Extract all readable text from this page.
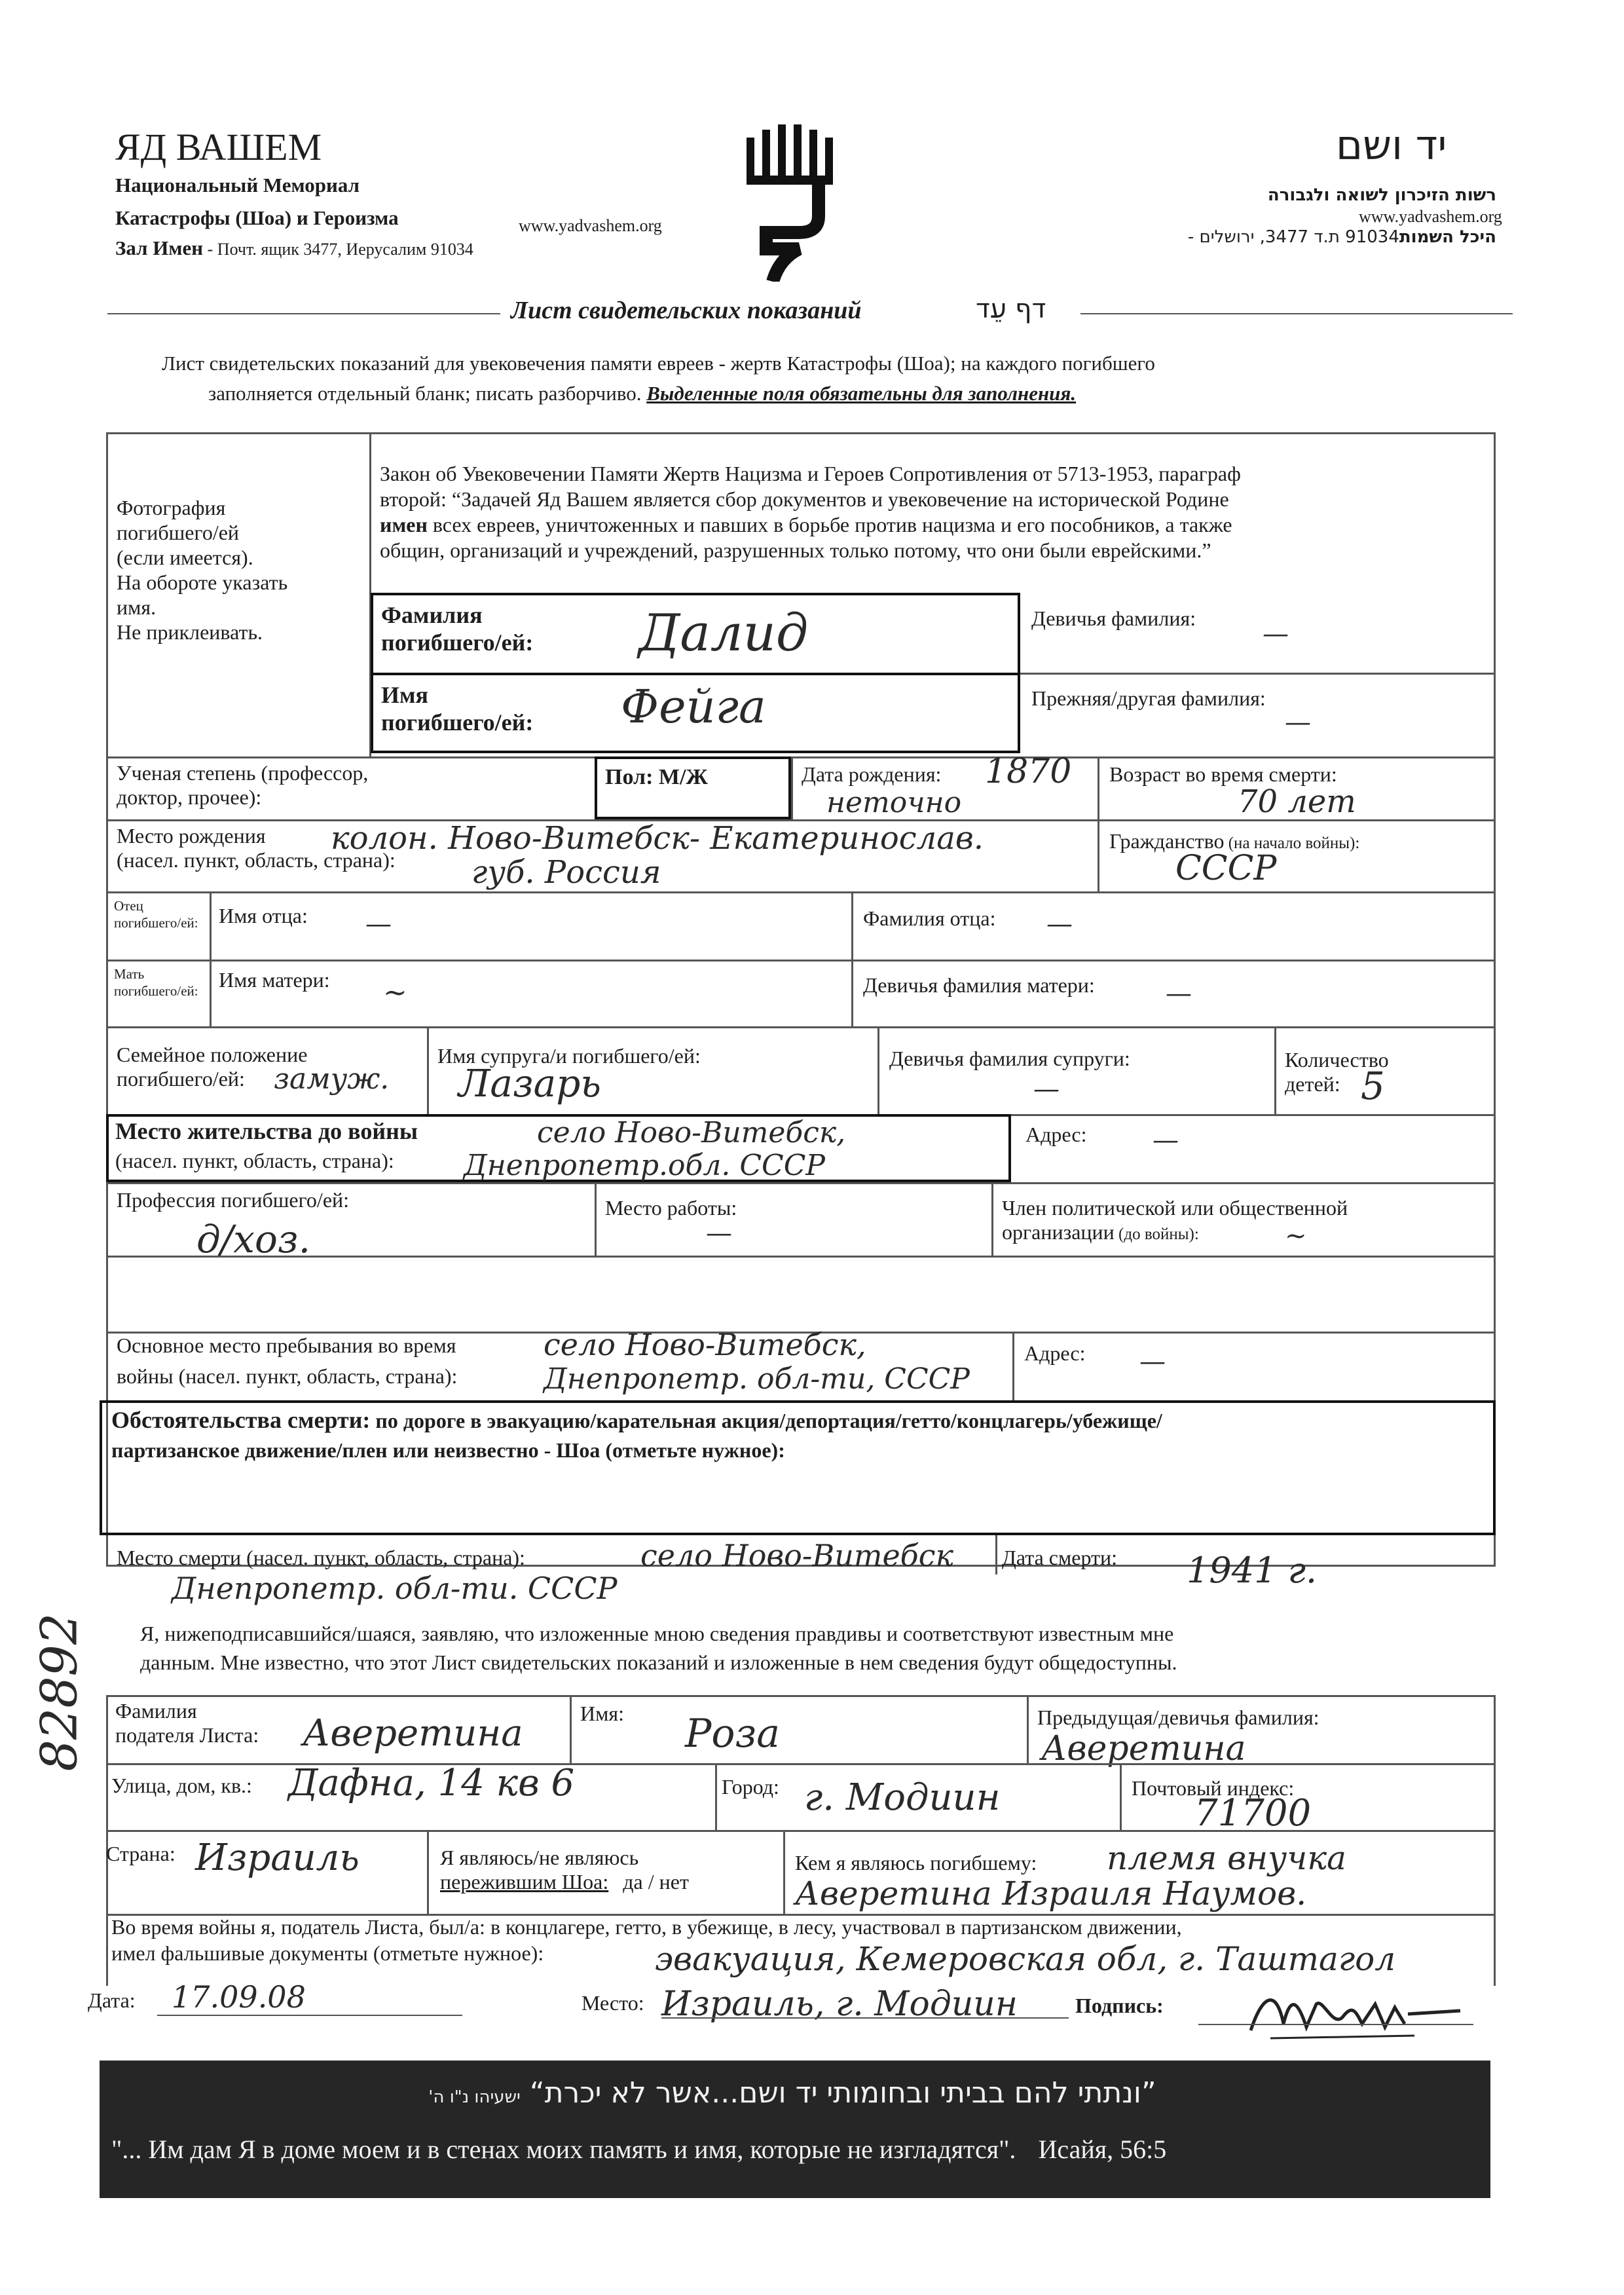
ЯД ВАШЕМ
Национальный Мемориал
Катастрофы (Шоа) и Героизма	www.yadvashem.org
Зал Имен - Почт. ящик 3477, Иерусалим 91034
יד ושם
רשות הזיכרון לשואה ולגבורה
www.yadvashem.org
היכל השמות91034 ת.ד 3477, ירושלים -
Лист свидетельских показаний	דף עֵד
Лист свидетельских показаний для увековечения памяти евреев - жертв Катастрофы (Шоа); на каждого погибшего
заполняется отдельный бланк; писать разборчиво. Выделенные поля обязательны для заполнения.
Фотография
погибшего/ей
(если имеется).
На обороте указать
имя.
Не приклеивать.
Закон об Увековечении Памяти Жертв Нацизма и Героев Сопротивления от 5713-1953, параграф
второй: “Задачей Яд Вашем является сбор документов и увековечение на исторической Родине
имен всех евреев, уничтоженных и павших в борьбе против нацизма и его пособников, а также
общин, организаций и учреждений, разрушенных только потому, что они были еврейскими.”
Фамилия
погибшего/ей: Далид	Девичья фамилия:
—
Имя
погибшего/ей: Фейга	Прежняя/другая фамилия:
—
Ученая степень (профессор,
доктор, прочее):
Пол: М/Ж	Дата рождения: 1870
неточно
Возраст во время смерти:
70 лет
Место рождения
(насел. пункт, область, страна):
колон. Ново-Витебск- Екатеринослав.
губ. Россия
Гражданство (на начало войны):
СССР
Отец погибшего/ей: Имя отца: —	Фамилия отца: —
Мать погибшего/ей: Имя матери: ~	Девичья фамилия матери:	—
Семейное положение
погибшего/ей:	замуж.
Имя супруга/и погибшего/ей:
Лазарь
Девичья фамилия супруги:
—
Количество
детей: 5
Место жительства до войны
(насел. пункт, область, страна):
село Ново-Витебск,
Днепропетр.обл. СССР
Адрес:	—
Профессия погибшего/ей:
д/хоз.
Место работы:
—
Член политической или общественной
организации (до войны):	~
Основное место пребывания во время
войны (насел. пункт, область, страна):
село Ново-Витебск,
Днепропетр. обл-ти, СССР
Адрес: —
Обстоятельства смерти: по дороге в эвакуацию/карательная акция/депортация/гетто/концлагерь/убежище/
партизанское движение/плен или неизвестно - Шоа (отметьте нужное):
Место смерти (насел. пункт, область, страна):	село Ново-Витебск
Днепропетр. обл-ти. СССР
Дата смерти: 1941 г.
Я, нижеподписавшийся/шаяся, заявляю, что изложенные мною сведения правдивы и соответствуют известным мне
данным. Мне известно, что этот Лист свидетельских показаний и изложенные в нем сведения будут общедоступны.
Фамилия
подателя Листа: Аверетина	Имя: Роза	Предыдущая/девичья фамилия:
Аверетина
Улица, дом, кв.: Дафна, 14 кв 6	Город: г. Модиин	Почтовый индекс:
71700
Страна: Израиль	Я являюсь/не являюсь
пережившим Шоа: да / нет
Кем я являюсь погибшему: племя внучка
Аверетина Израиля Наумов.
Во время войны я, податель Листа, был/а: в концлагере, гетто, в убежище, в лесу, участвовал в партизанском движении,
имел фальшивые документы (отметьте нужное):	эвакуация, Кемеровская обл, г. Таштагол
Дата: 17.09.08	Место: Израиль, г. Модиин	Подпись:
”ונתתי להם בביתי ובחומותי יד ושם...אשר לא יכרת“ ישעיהו נ"ו ה'
"... Им дам Я в доме моем и в стенах моих память и имя, которые не изгладятся". Исайя, 56:5
82892
